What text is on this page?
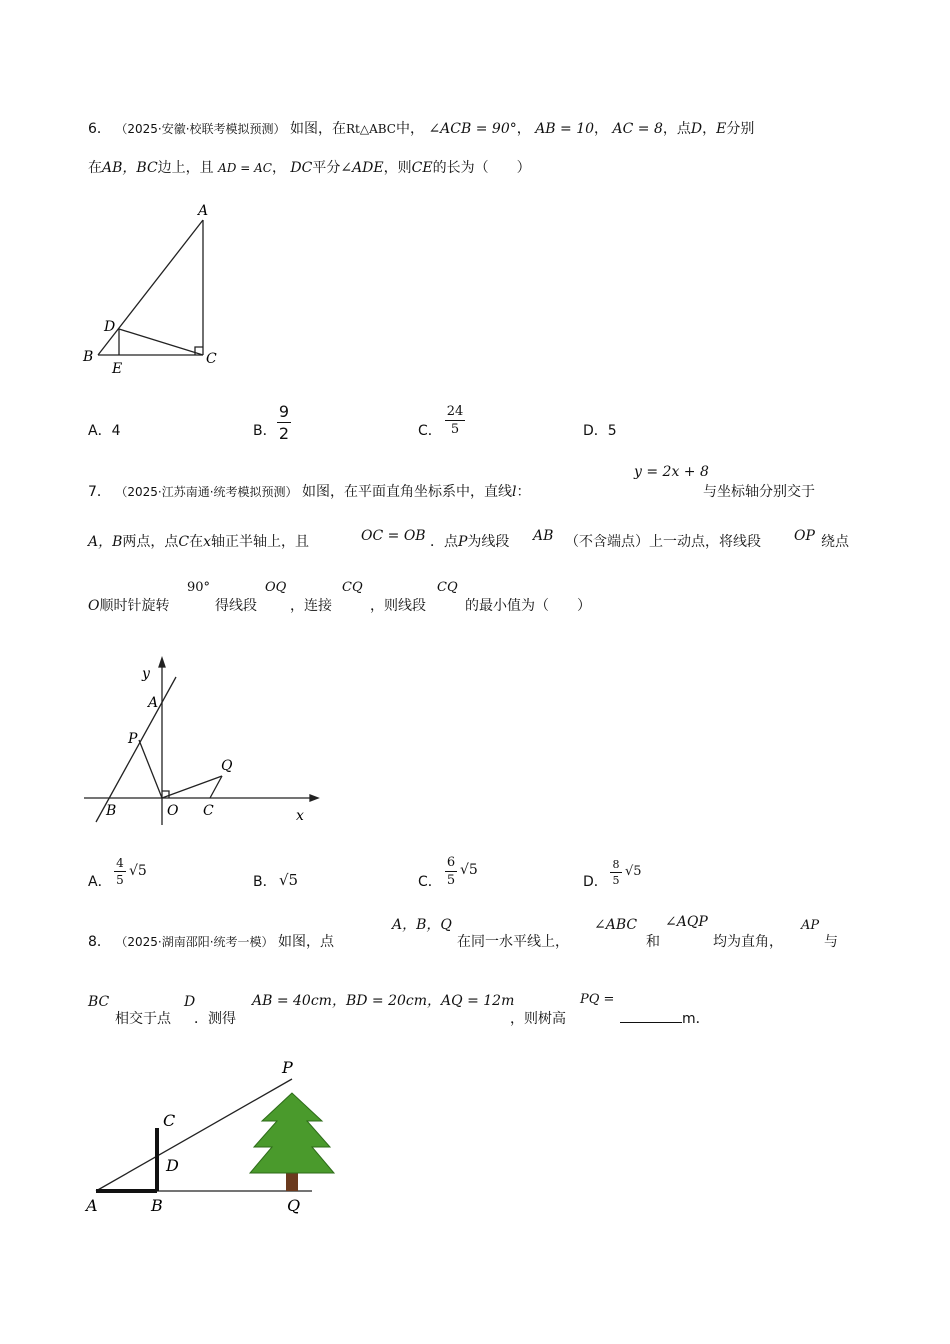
6． （2025·安徽·校联考模拟预测） 如图，在Rt△ABC中， ∠ACB = 90°， AB = 10， AC = 8，点D，E分别
在AB，BC边上，且 AD = AC， DC平分∠ADE，则CE的长为（　　）
A
B	C
D
E
A．4	B．
9
2	C．
24
5	D．5
y = 2x + 8
7． （2025·江苏南通·统考模拟预测） 如图，在平面直角坐标系中，直线l：	与坐标轴分别交于
A，B两点，点C在x轴正半轴上，且	OC = OB ．点P为线段 AB （不含端点）上一动点，将线段 OP 绕点
O顺时针旋转
90°
得线段
OQ
，连接
CQ
，则线段
CQ
的最小值为（　　）
y
x
A
P
Q
B	O C
A．
4
5
√5
B． √5	C．
6
5
√5
D．
8
5
√5
8． （2025·湖南邵阳·统考一模） 如图，点
A，B，Q
在同一水平线上，
∠ABC
和
∠AQP
均为直角，
AP
与
BC
相交于点
D
．测得
AB = 40cm，BD = 20cm，AQ = 12m
，则树高
PQ =
m．
P
C
D
A	B	Q
